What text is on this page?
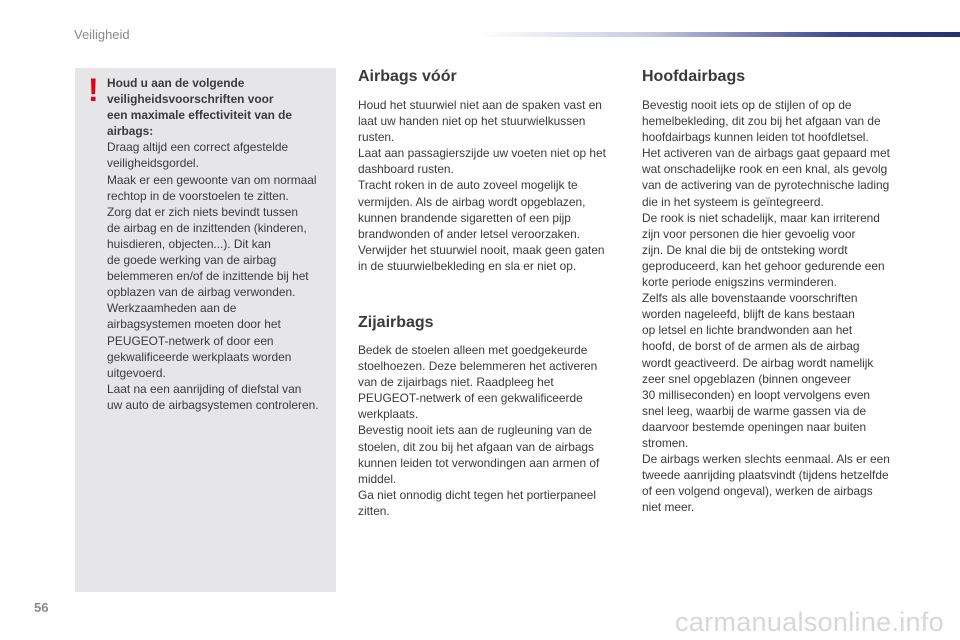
Veiligheid
! Houd u aan de volgende
veiligheidsvoorschriften voor
een maximale effectiviteit van de
airbags:
Draag altijd een correct afgestelde
veiligheidsgordel.
Maak er een gewoonte van om normaal
rechtop in de voorstoelen te zitten.
Zorg dat er zich niets bevindt tussen
de airbag en de inzittenden (kinderen,
huisdieren, objecten...). Dit kan
de goede werking van de airbag
belemmeren en/of de inzittende bij het
opblazen van de airbag verwonden.
Werkzaamheden aan de
airbagsystemen moeten door het
PEUGEOT-netwerk of door een
gekwalificeerde werkplaats worden
uitgevoerd.
Laat na een aanrijding of diefstal van
uw auto de airbagsystemen controleren.
Airbags vóór

Houd het stuurwiel niet aan de spaken vast en
laat uw handen niet op het stuurwielkussen
rusten.
Laat aan passagierszijde uw voeten niet op het
dashboard rusten.
Tracht roken in de auto zoveel mogelijk te
vermijden. Als de airbag wordt opgeblazen,
kunnen brandende sigaretten of een pijp
brandwonden of ander letsel veroorzaken.
Verwijder het stuurwiel nooit, maak geen gaten
in de stuurwielbekleding en sla er niet op.

Zijairbags

Bedek de stoelen alleen met goedgekeurde
stoelhoezen. Deze belemmeren het activeren
van de zijairbags niet. Raadpleeg het
PEUGEOT-netwerk of een gekwalificeerde
werkplaats.
Bevestig nooit iets aan de rugleuning van de
stoelen, dit zou bij het afgaan van de airbags
kunnen leiden tot verwondingen aan armen of
middel.
Ga niet onnodig dicht tegen het portierpaneel
zitten.

Hoofdairbags

Bevestig nooit iets op de stijlen of op de
hemelbekleding, dit zou bij het afgaan van de
hoofdairbags kunnen leiden tot hoofdletsel.
Het activeren van de airbags gaat gepaard met
wat onschadelijke rook en een knal, als gevolg
van de activering van de pyrotechnische lading
die in het systeem is geïntegreerd.
De rook is niet schadelijk, maar kan irriterend
zijn voor personen die hier gevoelig voor
zijn. De knal die bij de ontsteking wordt
geproduceerd, kan het gehoor gedurende een
korte periode enigszins verminderen.
Zelfs als alle bovenstaande voorschriften
worden nageleefd, blijft de kans bestaan
op letsel en lichte brandwonden aan het
hoofd, de borst of de armen als de airbag
wordt geactiveerd. De airbag wordt namelijk
zeer snel opgeblazen (binnen ongeveer
30 milliseconden) en loopt vervolgens even
snel leeg, waarbij de warme gassen via de
daarvoor bestemde openingen naar buiten
stromen.
De airbags werken slechts eenmaal. Als er een
tweede aanrijding plaatsvindt (tijdens hetzelfde
of een volgend ongeval), werken de airbags
niet meer.

56	carmanualsonline.info
